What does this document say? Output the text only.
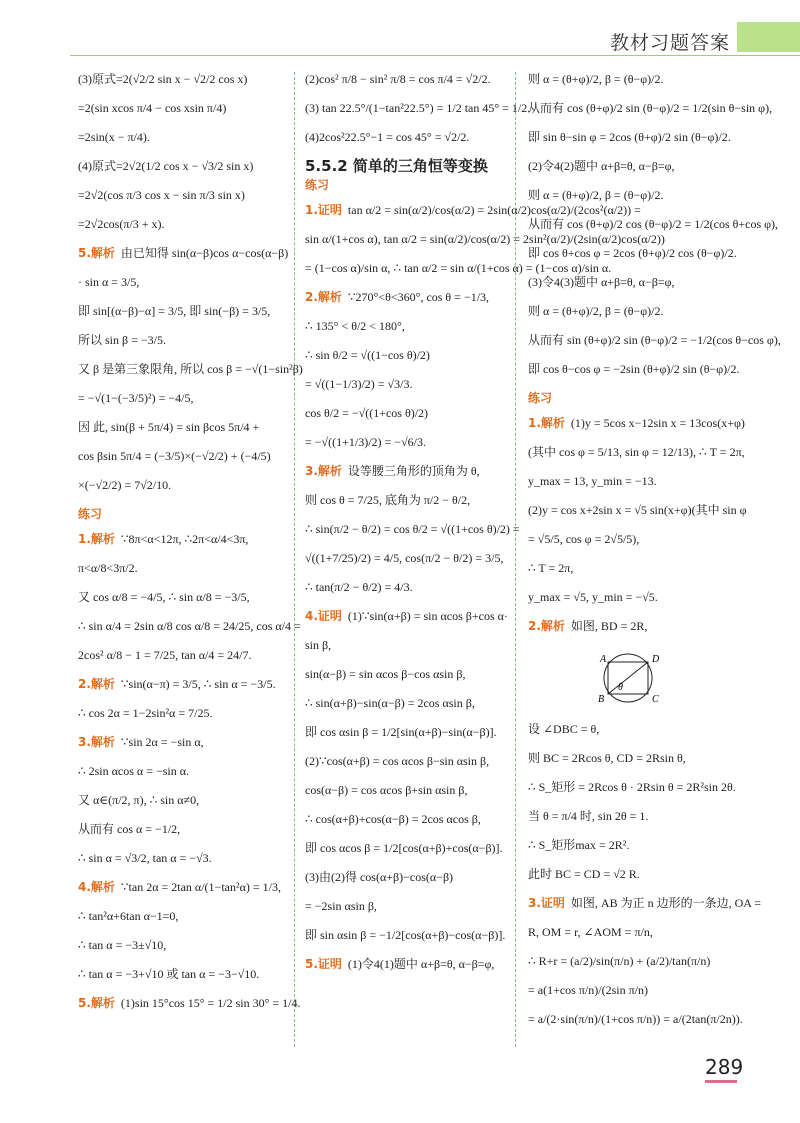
教材习题答案
(3)原式=2(√2/2 sin x − √2/2 cos x)
=2(sin xcos π/4 − cos xsin π/4)
=2sin(x − π/4).
(4)原式=2√2(1/2 cos x − √3/2 sin x)
=2√2(cos π/3 cos x − sin π/3 sin x)
=2√2cos(π/3 + x).
5.解析 由已知得 sin(α−β)cos α−cos(α−β)
· sin α = 3/5,
即 sin[(α−β)−α] = 3/5, 即 sin(−β) = 3/5,
所以 sin β = −3/5.
又 β 是第三象限角, 所以 cos β = −√(1−sin²β)
= −√(1−(−3/5)²) = −4/5,
因 此, sin(β + 5π/4) = sin βcos 5π/4 +
cos βsin 5π/4 = (−3/5)×(−√2/2) + (−4/5)
×(−√2/2) = 7√2/10.
练习
1.解析 ∵8π<α<12π, ∴2π<α/4<3π,
π<α/8<3π/2.
又 cos α/8 = −4/5, ∴ sin α/8 = −3/5,
∴ sin α/4 = 2sin α/8 cos α/8 = 24/25, cos α/4 =
2cos² α/8 − 1 = 7/25, tan α/4 = 24/7.
2.解析 ∵sin(α−π) = 3/5, ∴ sin α = −3/5.
∴ cos 2α = 1−2sin²α = 7/25.
3.解析 ∵sin 2α = −sin α,
∴ 2sin αcos α = −sin α.
又 α∈(π/2, π), ∴ sin α≠0,
从而有 cos α = −1/2,
∴ sin α = √3/2, tan α = −√3.
4.解析 ∵tan 2α = 2tan α/(1−tan²α) = 1/3,
∴ tan²α+6tan α−1=0,
∴ tan α = −3±√10,
∴ tan α = −3+√10 或 tan α = −3−√10.
5.解析 (1)sin 15°cos 15° = 1/2 sin 30° = 1/4.
(2)cos² π/8 − sin² π/8 = cos π/4 = √2/2.
(3) tan 22.5°/(1−tan²22.5°) = 1/2 tan 45° = 1/2.
(4)2cos²22.5°−1 = cos 45° = √2/2.
5.5.2 简单的三角恒等变换
练习
1.证明 tan α/2 = sin(α/2)/cos(α/2) = 2sin(α/2)cos(α/2)/(2cos²(α/2)) =
sin α/(1+cos α), tan α/2 = sin(α/2)/cos(α/2) = 2sin²(α/2)/(2sin(α/2)cos(α/2))
= (1−cos α)/sin α, ∴ tan α/2 = sin α/(1+cos α) = (1−cos α)/sin α.
2.解析 ∵270°<θ<360°, cos θ = −1/3,
∴ 135° < θ/2 < 180°,
∴ sin θ/2 = √((1−cos θ)/2)
= √((1−1/3)/2) = √3/3.
cos θ/2 = −√((1+cos θ)/2)
= −√((1+1/3)/2) = −√6/3.
3.解析 设等腰三角形的顶角为 θ,
则 cos θ = 7/25, 底角为 π/2 − θ/2,
∴ sin(π/2 − θ/2) = cos θ/2 = √((1+cos θ)/2) =
√((1+7/25)/2) = 4/5, cos(π/2 − θ/2) = 3/5,
∴ tan(π/2 − θ/2) = 4/3.
4.证明 (1)∵sin(α+β) = sin αcos β+cos α·
sin β,
sin(α−β) = sin αcos β−cos αsin β,
∴ sin(α+β)−sin(α−β) = 2cos αsin β,
即 cos αsin β = 1/2[sin(α+β)−sin(α−β)].
(2)∵cos(α+β) = cos αcos β−sin αsin β,
cos(α−β) = cos αcos β+sin αsin β,
∴ cos(α+β)+cos(α−β) = 2cos αcos β,
即 cos αcos β = 1/2[cos(α+β)+cos(α−β)].
(3)由(2)得 cos(α+β)−cos(α−β)
= −2sin αsin β,
即 sin αsin β = −1/2[cos(α+β)−cos(α−β)].
5.证明 (1)令4(1)题中 α+β=θ, α−β=φ,
则 α = (θ+φ)/2, β = (θ−φ)/2.
从而有 cos (θ+φ)/2 sin (θ−φ)/2 = 1/2(sin θ−sin φ),
即 sin θ−sin φ = 2cos (θ+φ)/2 sin (θ−φ)/2.
(2)令4(2)题中 α+β=θ, α−β=φ,
则 α = (θ+φ)/2, β = (θ−φ)/2.
从而有 cos (θ+φ)/2 cos (θ−φ)/2 = 1/2(cos θ+cos φ),
即 cos θ+cos φ = 2cos (θ+φ)/2 cos (θ−φ)/2.
(3)令4(3)题中 α+β=θ, α−β=φ,
则 α = (θ+φ)/2, β = (θ−φ)/2.
从而有 sin (θ+φ)/2 sin (θ−φ)/2 = −1/2(cos θ−cos φ),
即 cos θ−cos φ = −2sin (θ+φ)/2 sin (θ−φ)/2.
练习
1.解析 (1)y = 5cos x−12sin x = 13cos(x+φ)
(其中 cos φ = 5/13, sin φ = 12/13), ∴ T = 2π,
y_max = 13, y_min = −13.
(2)y = cos x+2sin x = √5 sin(x+φ)(其中 sin φ
= √5/5, cos φ = 2√5/5),
∴ T = 2π,
y_max = √5, y_min = −√5.
2.解析 如图, BD = 2R,
A	D
B	C
θ
设 ∠DBC = θ,
则 BC = 2Rcos θ, CD = 2Rsin θ,
∴ S_矩形 = 2Rcos θ · 2Rsin θ = 2R²sin 2θ.
当 θ = π/4 时, sin 2θ = 1.
∴ S_矩形max = 2R².
此时 BC = CD = √2 R.
3.证明 如图, AB 为正 n 边形的一条边, OA =
R, OM = r, ∠AOM = π/n,
∴ R+r = (a/2)/sin(π/n) + (a/2)/tan(π/n)
= a(1+cos π/n)/(2sin π/n)
= a/(2·sin(π/n)/(1+cos π/n)) = a/(2tan(π/2n)).
289
